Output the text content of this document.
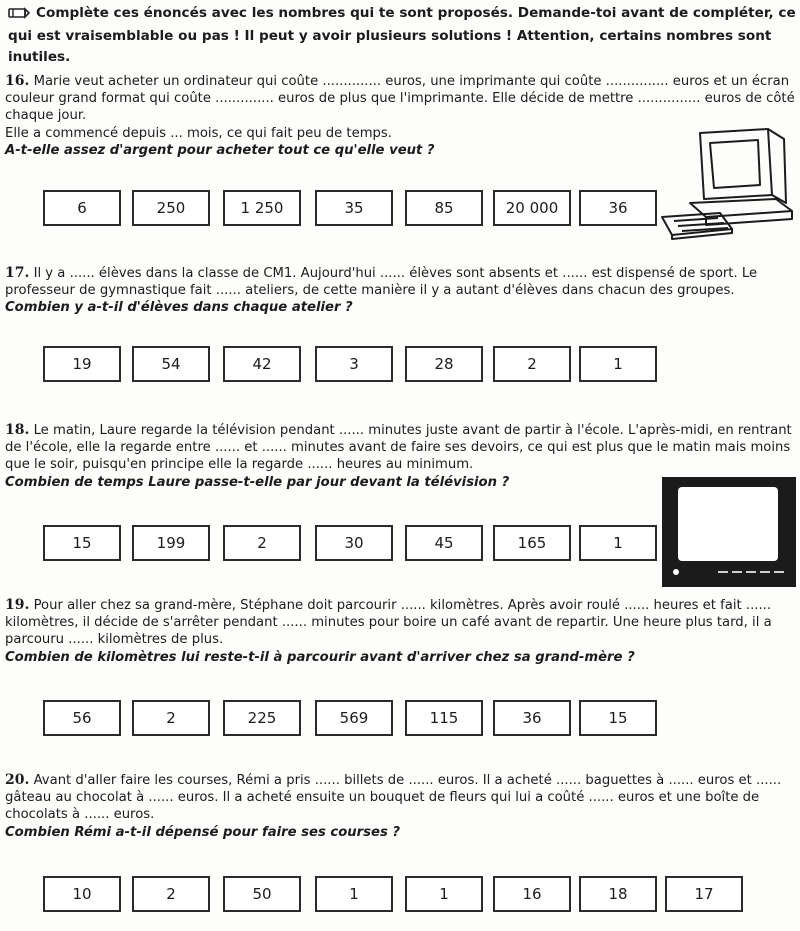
Complète ces énoncés avec les nombres qui te sont proposés. Demande-toi avant de compléter, ce qui est vraisemblable ou pas ! Il peut y avoir plusieurs solutions ! Attention, certains nombres sont inutiles.
16. Marie veut acheter un ordinateur qui coûte .............. euros, une imprimante qui coûte ............... euros et un écran couleur grand format qui coûte .............. euros de plus que l'imprimante. Elle décide de mettre ............... euros de côté chaque jour.
Elle a commencé depuis ... mois, ce qui fait peu de temps.
A-t-elle assez d'argent pour acheter tout ce qu'elle veut ?
6	250	1 250	35	85	20 000	36
17. Il y a ...... élèves dans la classe de CM1. Aujourd'hui ...... élèves sont absents et ...... est dispensé de sport. Le professeur de gymnastique fait ...... ateliers, de cette manière il y a autant d'élèves dans chacun des groupes.
Combien y a-t-il d'élèves dans chaque atelier ?
19	54	42	3	28	2	1
18. Le matin, Laure regarde la télévision pendant ...... minutes juste avant de partir à l'école. L'après-midi, en rentrant de l'école, elle la regarde entre ...... et ...... minutes avant de faire ses devoirs, ce qui est plus que le matin mais moins que le soir, puisqu'en principe elle la regarde ...... heures au minimum.
Combien de temps Laure passe-t-elle par jour devant la télévision ?
15	199	2	30	45	165	1
19. Pour aller chez sa grand-mère, Stéphane doit parcourir ...... kilomètres. Après avoir roulé ...... heures et fait ...... kilomètres, il décide de s'arrêter pendant ...... minutes pour boire un café avant de repartir. Une heure plus tard, il a parcouru ...... kilomètres de plus.
Combien de kilomètres lui reste-t-il à parcourir avant d'arriver chez sa grand-mère ?
56	2	225	569	115	36	15
20. Avant d'aller faire les courses, Rémi a pris ...... billets de ...... euros. Il a acheté ...... baguettes à ...... euros et ...... gâteau au chocolat à ...... euros. Il a acheté ensuite un bouquet de fleurs qui lui a coûté ...... euros et une boîte de chocolats à ...... euros.
Combien Rémi a-t-il dépensé pour faire ses courses ?
10	2	50	1	1	16	18	17
